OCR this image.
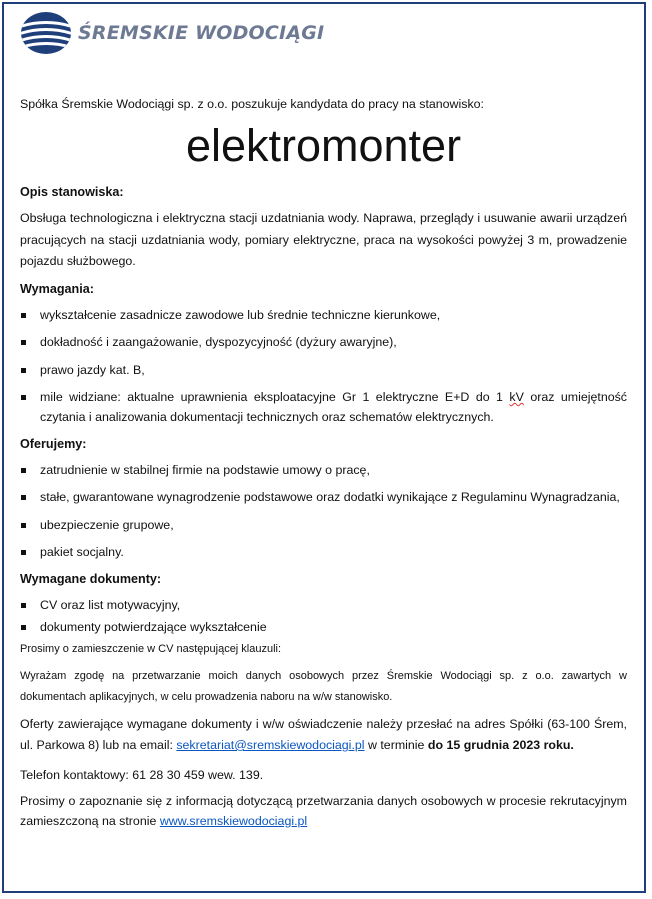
ŚREMSKIE WODOCIĄGI

Spółka Śremskie Wodociągi sp. z o.o. poszukuje kandydata do pracy na stanowisko:

elektromonter
Opis stanowiska:

Obsługa technologiczna i elektryczna stacji uzdatniania wody. Naprawa, przeglądy i usuwanie awarii urządzeń pracujących na stacji uzdatniania wody, pomiary elektryczne, praca na wysokości powyżej 3 m, prowadzenie pojazdu służbowego.

Wymagania:
wykształcenie zasadnicze zawodowe lub średnie techniczne kierunkowe,
dokładność i zaangażowanie, dyspozycyjność (dyżury awaryjne),
prawo jazdy kat. B,
mile widziane: aktualne uprawnienia eksploatacyjne Gr 1 elektryczne E+D do 1 kV oraz umiejętność czytania i analizowania dokumentacji technicznych oraz schematów elektrycznych.
Oferujemy:
zatrudnienie w stabilnej firmie na podstawie umowy o pracę,
stałe, gwarantowane wynagrodzenie podstawowe oraz dodatki wynikające z Regulaminu Wynagradzania,
ubezpieczenie grupowe,
pakiet socjalny.
Wymagane dokumenty:
CV oraz list motywacyjny,
dokumenty potwierdzające wykształcenie

Prosimy o zamieszczenie w CV następującej klauzuli:

Wyrażam zgodę na przetwarzanie moich danych osobowych przez Śremskie Wodociągi sp. z o.o. zawartych w dokumentach aplikacyjnych, w celu prowadzenia naboru na w/w stanowisko.

Oferty zawierające wymagane dokumenty i w/w oświadczenie należy przesłać na adres Spółki (63-100 Śrem, ul. Parkowa 8) lub na email: sekretariat@sremskiewodociagi.pl w terminie do 15 grudnia 2023 roku.

Telefon kontaktowy: 61 28 30 459 wew. 139.

Prosimy o zapoznanie się z informacją dotyczącą przetwarzania danych osobowych w procesie rekrutacyjnym zamieszczoną na stronie www.sremskiewodociagi.pl
